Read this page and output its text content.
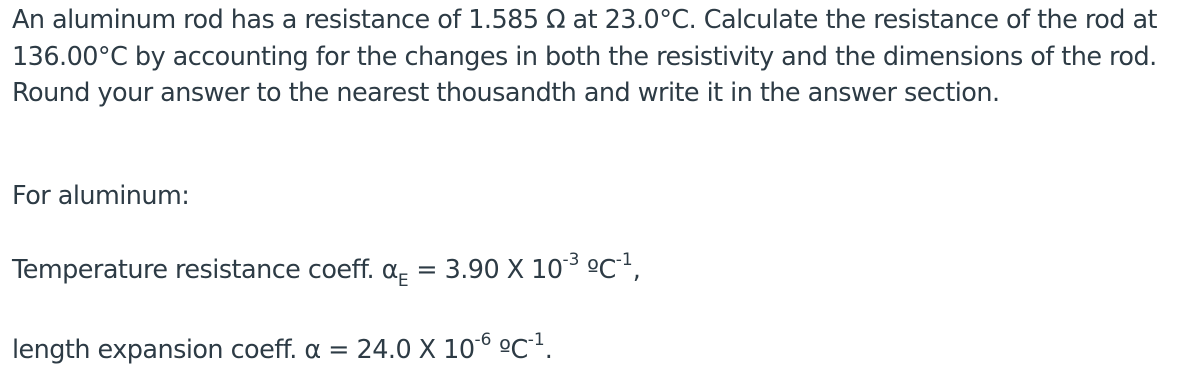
An aluminum rod has a resistance of 1.585 Ω at 23.0°C. Calculate the resistance of the rod at 136.00°C by accounting for the changes in both the resistivity and the dimensions of the rod. Round your answer to the nearest thousandth and write it in the answer section.

For aluminum:
Temperature resistance coeff. $\alpha_E = 3.90$ X $10^{-3}$ ºC$^{-1}$,
length expansion coeff. α = 24.0 X $10^{-6}$ ºC$^{-1}$.
